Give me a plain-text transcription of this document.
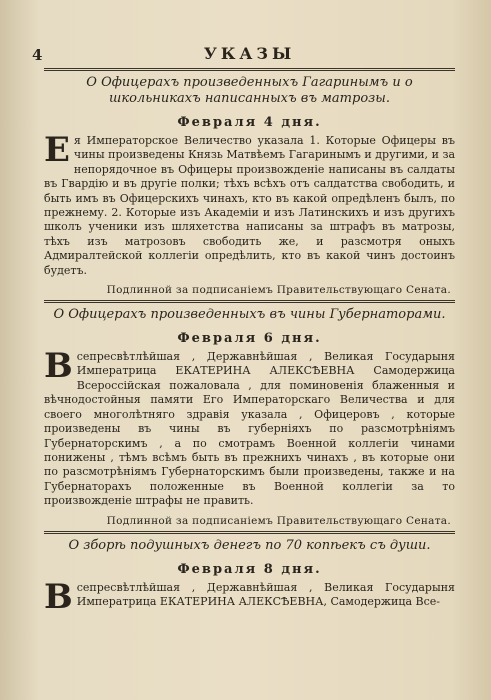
4	УКАЗЫ
О Офицерахъ произведенныхъ Гагаринымъ и о школьникахъ написанныхъ въ матрозы.
Февраля 4 дня.
Е я Императорское Величество указала 1. Которые Офицеры въ чины произведены Князь Матвѣемъ Гагаринымъ и другими, и за непорядочное въ Офицеры произвожденіе написаны въ салдаты въ Гвардію и въ другіе полки; тѣхъ всѣхъ отъ салдатства свободить, и быть имъ въ Офицерскихъ чинахъ, кто въ какой опредѣленъ былъ, по прежнему. 2. Которые изъ Академіи и изъ Латинскихъ и изъ другихъ школъ ученики изъ шляхетства написаны за штрафъ въ матрозы, тѣхъ изъ матрозовъ свободить же, и разсмотря оныхъ Адмиралтейской коллегіи опредѣлить, кто въ какой чинъ достоинъ будетъ.

Подлинной за подписаніемъ Правительствующаго Сената.
О Офицерахъ произведенныхъ въ чины Губернаторами.
Февраля 6 дня.
В сепресвѣтлѣйшая , Державнѣйшая , Великая Государыня Императрица ЕКАТЕРИНА АЛЕКСѢЕВНА Самодержица Всероссійская пожаловала , для поминовенія блаженныя и вѣчнодостойныя памяти Его Императорскаго Величества и для своего многолѣтняго здравія указала , Офицеровъ , которые произведены въ чины въ губерніяхъ по разсмотрѣніямъ Губернаторскимъ , а по смотрамъ Военной коллегіи чинами понижены , тѣмъ всѣмъ быть въ прежнихъ чинахъ , въ которые они по разсмотрѣніямъ Губернаторскимъ были произведены, также и на Губернаторахъ положенные въ Военной коллегіи за то произвожденіе штрафы не править.

Подлинной за подписаніемъ Правительствующаго Сената.
О зборѣ подушныхъ денегъ по 70 копѣекъ съ души.
Февраля 8 дня.
В сепресвѣтлѣйшая , Державнѣйшая , Великая Государыня Императрица ЕКАТЕРИНА АЛЕКСѢЕВНА, Самодержица Все-
